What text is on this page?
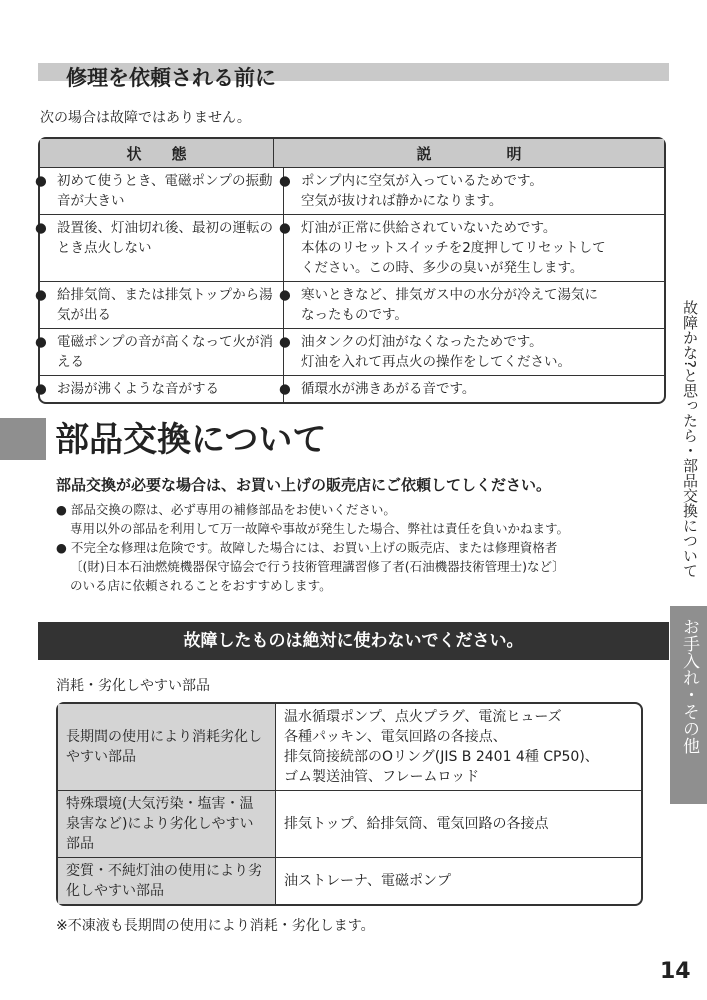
修理を依頼される前に
次の場合は故障ではありません。
状　　態	説　　　　　明
● 初めて使うとき、電磁ポンプの振動音が大きい	● ポンプ内に空気が入っているためです。
空気が抜ければ静かになります。

● 設置後、灯油切れ後、最初の運転のとき点火しない	● 灯油が正常に供給されていないためです。
本体のリセットスイッチを2度押してリセットして
ください。この時、多少の臭いが発生します。

● 給排気筒、または排気トップから湯気が出る	● 寒いときなど、排気ガス中の水分が冷えて湯気に
なったものです。

● 電磁ポンプの音が高くなって火が消える	● 油タンクの灯油がなくなったためです。
灯油を入れて再点火の操作をしてください。

● お湯が沸くような音がする	● 循環水が沸きあがる音です。
部品交換について
部品交換が必要な場合は、お買い上げの販売店にご依頼してしください。
● 部品交換の際は、必ず専用の補修部品をお使いください。
専用以外の部品を利用して万一故障や事故が発生した場合、弊社は責任を負いかねます。
● 不完全な修理は危険です。故障した場合には、お買い上げの販売店、または修理資格者
〔(財)日本石油燃焼機器保守協会で行う技術管理講習修了者(石油機器技術管理士)など〕
のいる店に依頼されることをおすすめします。
故障したものは絶対に使わないでください。
消耗・劣化しやすい部品
長期間の使用により消耗劣化しやすい部品	温水循環ポンプ、点火プラグ、電流ヒューズ
各種パッキン、電気回路の各接点、
排気筒接続部のOリング(JIS B 2401 4種 CP50)、
ゴム製送油管、フレームロッド

特殊環境(大気汚染・塩害・温泉害など)により劣化しやすい部品	排気トップ、給排気筒、電気回路の各接点

変質・不純灯油の使用により劣化しやすい部品	油ストレーナ、電磁ポンプ
※不凍液も長期間の使用により消耗・劣化します。
故障かな?と思ったら・部品交換について
お手入れ・その他
14
